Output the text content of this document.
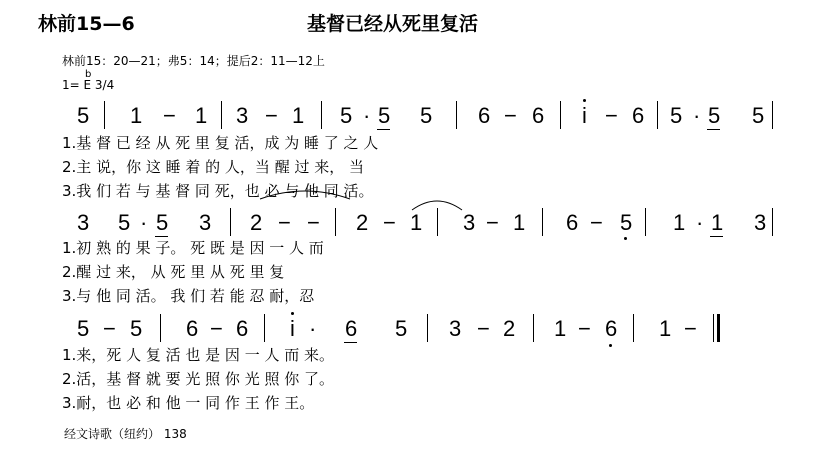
林前15—6	基督已经从死里复活
林前15：20—21；弗5：14；提后2：11—12上
1= E 3/4
b
5 1 − 1 3 − 1 5 · 5 5 6 − 6 i − 6 5 · 5 5
1.基 督 已 经 从 死 里 复 活，成 为 睡 了 之 人
2.主 说，你 这 睡 着 的 人，当 醒 过 来， 当
3.我 们 若 与 基 督 同 死，也 必 与 他 同 活。
3 5 · 5 3 2 − − 2 − 1 3 − 1 6 − 5 1 · 1 3
1.初 熟 的 果 子。 死 既 是 因 一 人 而
2.醒 过 来， 从 死 里 从 死 里 复
3.与 他 同 活。 我 们 若 能 忍 耐，忍
5 − 5 6 − 6 i · 6 5 3 − 2 1 − 6 1 −
1.来，死 人 复 活 也 是 因 一 人 而 来。
2.活，基 督 就 要 光 照 你 光 照 你 了。
3.耐，也 必 和 他 一 同 作 王 作 王。
经文诗歌（纽约） 138
